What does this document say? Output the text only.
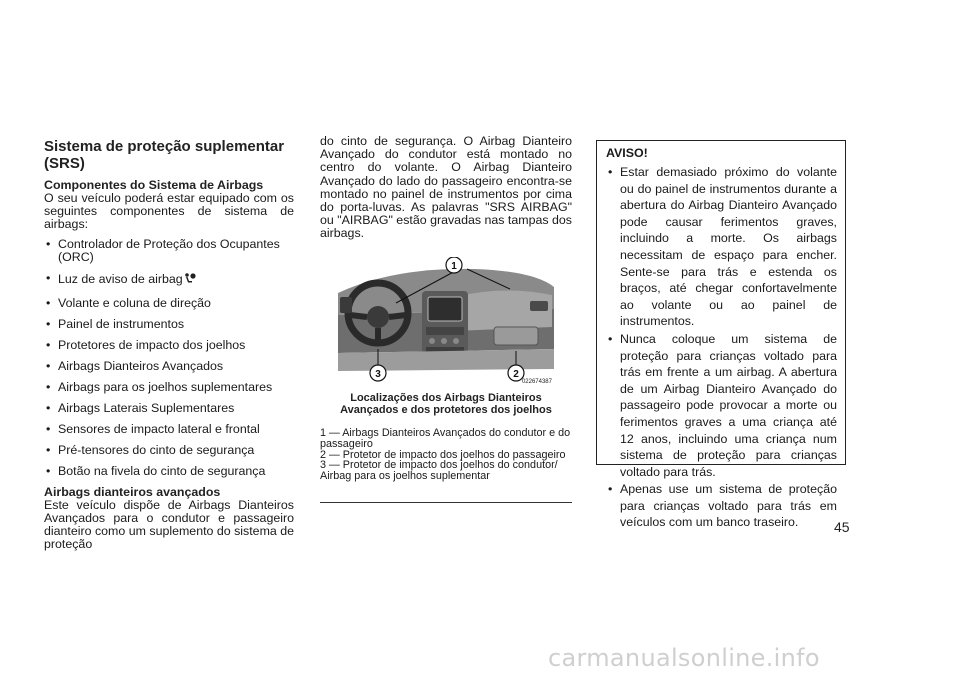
Sistema de proteção suplementar (SRS)
Componentes do Sistema de Airbags

O seu veículo poderá estar equipado com os seguintes componentes de sistema de airbags:

• Controlador de Proteção dos Ocupantes (ORC)
• Luz de aviso de airbag
• Volante e coluna de direção
• Painel de instrumentos
• Protetores de impacto dos joelhos
• Airbags Dianteiros Avançados
• Airbags para os joelhos suplementares
• Airbags Laterais Suplementares
• Sensores de impacto lateral e frontal
• Pré-tensores do cinto de segurança
• Botão na fivela do cinto de segurança
Airbags dianteiros avançados

Este veículo dispõe de Airbags Dianteiros Avançados para o condutor e passageiro dianteiro como um suplemento do sistema de proteção

do cinto de segurança. O Airbag Dianteiro Avançado do condutor está montado no centro do volante. O Airbag Dianteiro Avançado do lado do passageiro encontra-se montado no painel de instrumentos por cima do porta-luvas. As palavras "SRS AIRBAG" ou "AIRBAG" estão gravadas nas tampas dos airbags.

1
2
3
022674387
Localizações dos Airbags Dianteiros Avançados e dos protetores dos joelhos
1 — Airbags Dianteiros Avançados do condutor e do passageiro
2 — Protetor de impacto dos joelhos do passageiro
3 — Protetor de impacto dos joelhos do condutor/ Airbag para os joelhos suplementar
AVISO!
• Estar demasiado próximo do volante ou do painel de instrumentos durante a abertura do Airbag Dianteiro Avançado pode causar ferimentos graves, incluindo a morte. Os airbags necessitam de espaço para encher. Sente-se para trás e estenda os braços, até chegar confortavelmente ao volante ou ao painel de instrumentos.
• Nunca coloque um sistema de proteção para crianças voltado para trás em frente a um airbag. A abertura de um Airbag Dianteiro Avançado do passageiro pode provocar a morte ou ferimentos graves a uma criança até 12 anos, incluindo uma criança num sistema de proteção para crianças voltado para trás.
• Apenas use um sistema de proteção para crianças voltado para trás em veículos com um banco traseiro.	45
carmanualsonline.info
